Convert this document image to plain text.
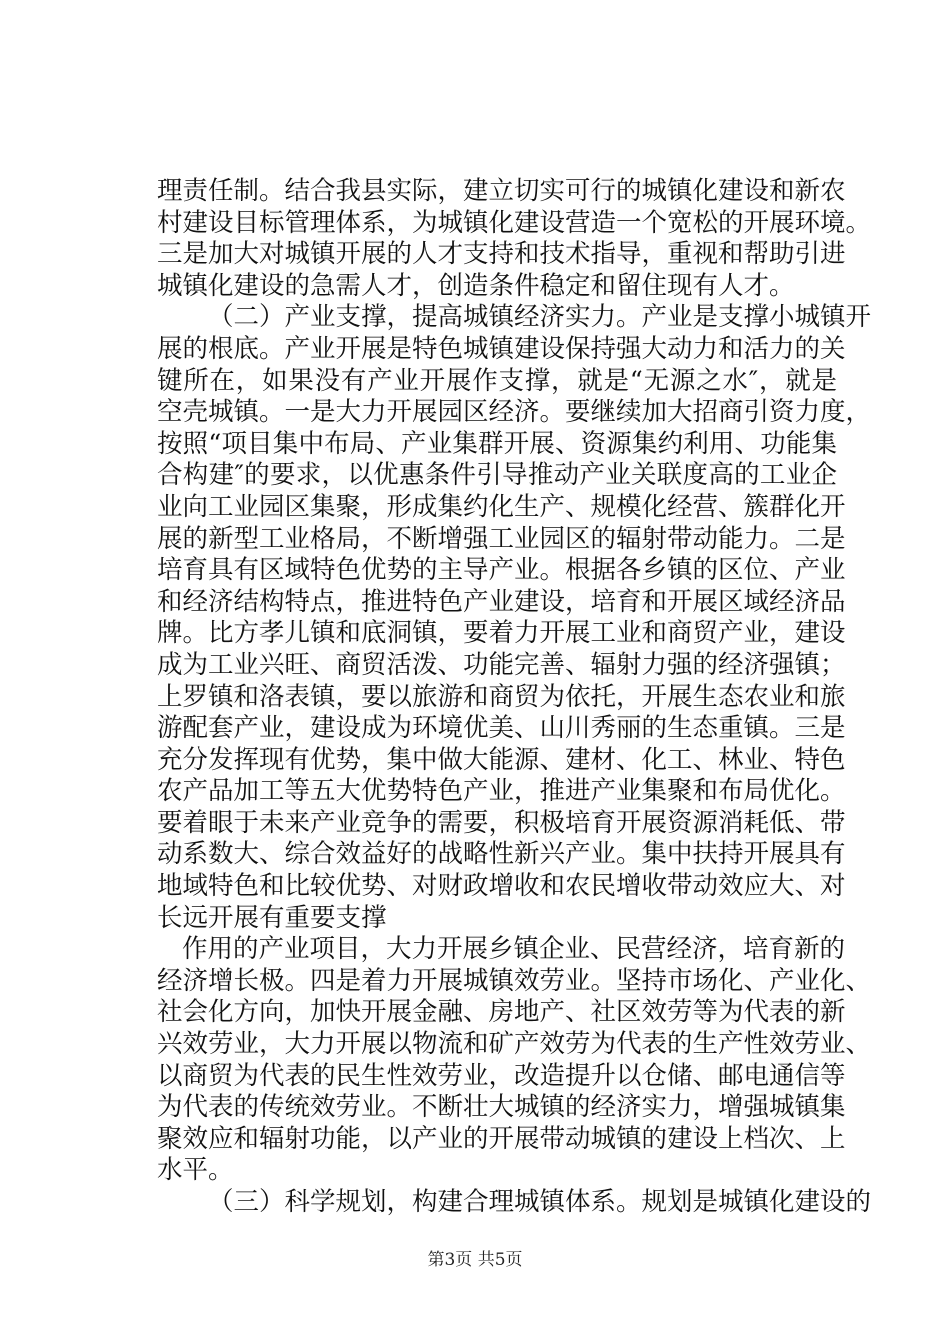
理责任制。结合我县实际，建立切实可行的城镇化建设和新农
村建设目标管理体系，为城镇化建设营造一个宽松的开展环境。
三是加大对城镇开展的人才支持和技术指导，重视和帮助引进
城镇化建设的急需人才，创造条件稳定和留住现有人才。
（二）产业支撑，提高城镇经济实力。产业是支撑小城镇开
展的根底。产业开展是特色城镇建设保持强大动力和活力的关
键所在，如果没有产业开展作支撑，就是“无源之水″，就是
空壳城镇。一是大力开展园区经济。要继续加大招商引资力度，
按照“项目集中布局、产业集群开展、资源集约利用、功能集
合构建″的要求，以优惠条件引导推动产业关联度高的工业企
业向工业园区集聚，形成集约化生产、规模化经营、簇群化开
展的新型工业格局，不断增强工业园区的辐射带动能力。二是
培育具有区域特色优势的主导产业。根据各乡镇的区位、产业
和经济结构特点，推进特色产业建设，培育和开展区域经济品
牌。比方孝儿镇和底洞镇，要着力开展工业和商贸产业，建设
成为工业兴旺、商贸活泼、功能完善、辐射力强的经济强镇；
上罗镇和洛表镇，要以旅游和商贸为依托，开展生态农业和旅
游配套产业，建设成为环境优美、山川秀丽的生态重镇。三是
充分发挥现有优势，集中做大能源、建材、化工、林业、特色
农产品加工等五大优势特色产业，推进产业集聚和布局优化。
要着眼于未来产业竞争的需要，积极培育开展资源消耗低、带
动系数大、综合效益好的战略性新兴产业。集中扶持开展具有
地域特色和比较优势、对财政增收和农民增收带动效应大、对
长远开展有重要支撑
作用的产业项目，大力开展乡镇企业、民营经济，培育新的
经济增长极。四是着力开展城镇效劳业。坚持市场化、产业化、
社会化方向，加快开展金融、房地产、社区效劳等为代表的新
兴效劳业，大力开展以物流和矿产效劳为代表的生产性效劳业、
以商贸为代表的民生性效劳业，改造提升以仓储、邮电通信等
为代表的传统效劳业。不断壮大城镇的经济实力，增强城镇集
聚效应和辐射功能，以产业的开展带动城镇的建设上档次、上
水平。
（三）科学规划，构建合理城镇体系。规划是城镇化建设的
第3页 共5页
